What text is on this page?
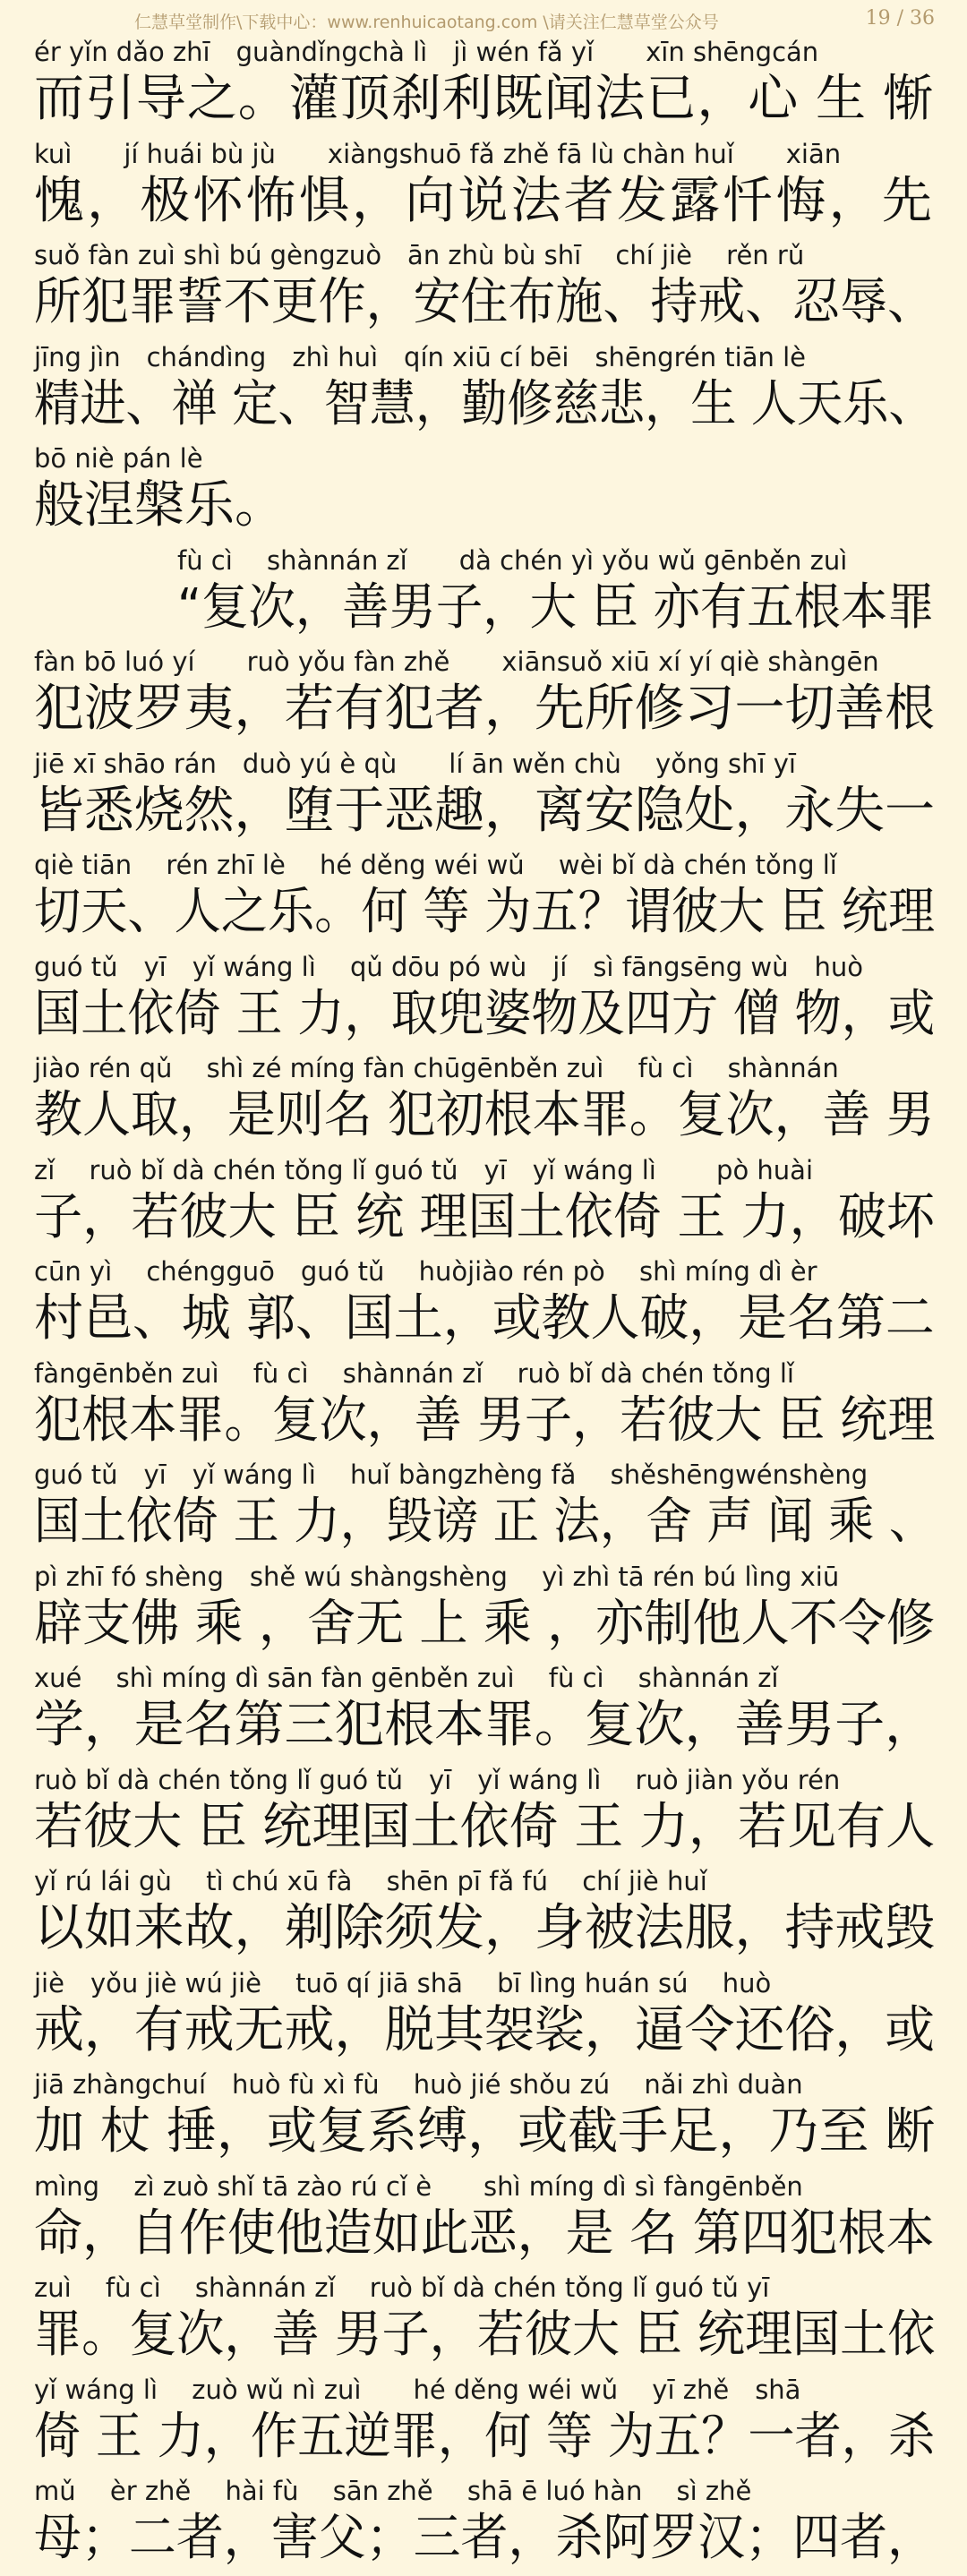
仁慧草堂制作\下载中心：www.renhuicaotang.com \请关注仁慧草堂公众号	19 / 36
ér yǐn dǎo zhī　guàndǐngchà lì　jì wén fǎ yǐ　　xīn shēngcán
而引导之。灌顶刹利既闻法已，心 生 惭
kuì　　jí huái bù jù　　xiàngshuō fǎ zhě fā lù chàn huǐ　　xiān
愧，极怀怖惧，向说法者发露忏悔，先
suǒ fàn zuì shì bú gèngzuò　ān zhù bù shī　 chí jiè　 rěn rǔ
所犯罪誓不更作，安住布施、持戒、忍辱、
jīng jìn　chándìng　zhì huì　qín xiū cí bēi　shēngrén tiān lè
精进、禅 定、智慧，勤修慈悲，生 人天乐、
bō niè pán lè
般涅槃乐。
fù cì　 shànnán zǐ　　dà chén yì yǒu wǔ gēnběn zuì
“复次，善男子，大 臣 亦有五根本罪
fàn bō luó yí　　ruò yǒu fàn zhě　　xiānsuǒ xiū xí yí qiè shàngēn
犯波罗夷，若有犯者，先所修习一切善根
jiē xī shāo rán　duò yú è qù　　lí ān wěn chù　 yǒng shī yī
皆悉烧然，堕于恶趣，离安隐处，永失一
qiè tiān　 rén zhī lè　 hé děng wéi wǔ　 wèi bǐ dà chén tǒng lǐ
切天、人之乐。何 等 为五？谓彼大 臣 统理
guó tǔ　yī　yǐ wáng lì　 qǔ dōu pó wù　jí　sì fāngsēng wù　huò
国土依倚 王 力，取兜婆物及四方 僧 物，或
jiào rén qǔ　 shì zé míng fàn chūgēnběn zuì　 fù cì　 shànnán
教人取，是则名 犯初根本罪。复次，善 男
zǐ　 ruò bǐ dà chén tǒng lǐ guó tǔ　yī　yǐ wáng lì　　 pò huài
子，若彼大 臣 统 理国土依倚 王 力，破坏
cūn yì　 chéngguō　guó tǔ　 huòjiào rén pò　 shì míng dì èr
村邑、城 郭、国土，或教人破，是名第二
fàngēnběn zuì　 fù cì　 shànnán zǐ　 ruò bǐ dà chén tǒng lǐ
犯根本罪。复次，善 男子，若彼大 臣 统理
guó tǔ　yī　yǐ wáng lì　 huǐ bàngzhèng fǎ　 shěshēngwénshèng
国土依倚 王 力，毁谤 正 法，舍 声 闻 乘 、
pì zhī fó shèng　shě wú shàngshèng　 yì zhì tā rén bú lìng xiū
辟支佛 乘 ，舍无 上 乘 ，亦制他人不令修
xué　 shì míng dì sān fàn gēnběn zuì　 fù cì　 shànnán zǐ
学，是名第三犯根本罪。复次，善男子，
ruò bǐ dà chén tǒng lǐ guó tǔ　yī　yǐ wáng lì　 ruò jiàn yǒu rén
若彼大 臣 统理国土依倚 王 力，若见有人
yǐ rú lái gù　 tì chú xū fà　 shēn pī fǎ fú　 chí jiè huǐ
以如来故，剃除须发，身被法服，持戒毁
jiè　yǒu jiè wú jiè　 tuō qí jiā shā　 bī lìng huán sú　 huò
戒，有戒无戒，脱其袈裟，逼令还俗，或
jiā zhàngchuí　huò fù xì fù　 huò jié shǒu zú　 nǎi zhì duàn
加 杖 捶，或复系缚，或截手足，乃至 断
mìng　 zì zuò shǐ tā zào rú cǐ è　　shì míng dì sì fàngēnběn
命，自作使他造如此恶，是 名 第四犯根本
zuì　 fù cì　 shànnán zǐ　 ruò bǐ dà chén tǒng lǐ guó tǔ yī
罪。复次，善 男子，若彼大 臣 统理国土依
yǐ wáng lì　 zuò wǔ nì zuì　　hé děng wéi wǔ　 yī zhě　shā
倚 王 力，作五逆罪，何 等 为五？一者，杀
mǔ　 èr zhě　 hài fù　 sān zhě　 shā ē luó hàn　 sì zhě
母；二者，害父；三者，杀阿罗汉；四者，
